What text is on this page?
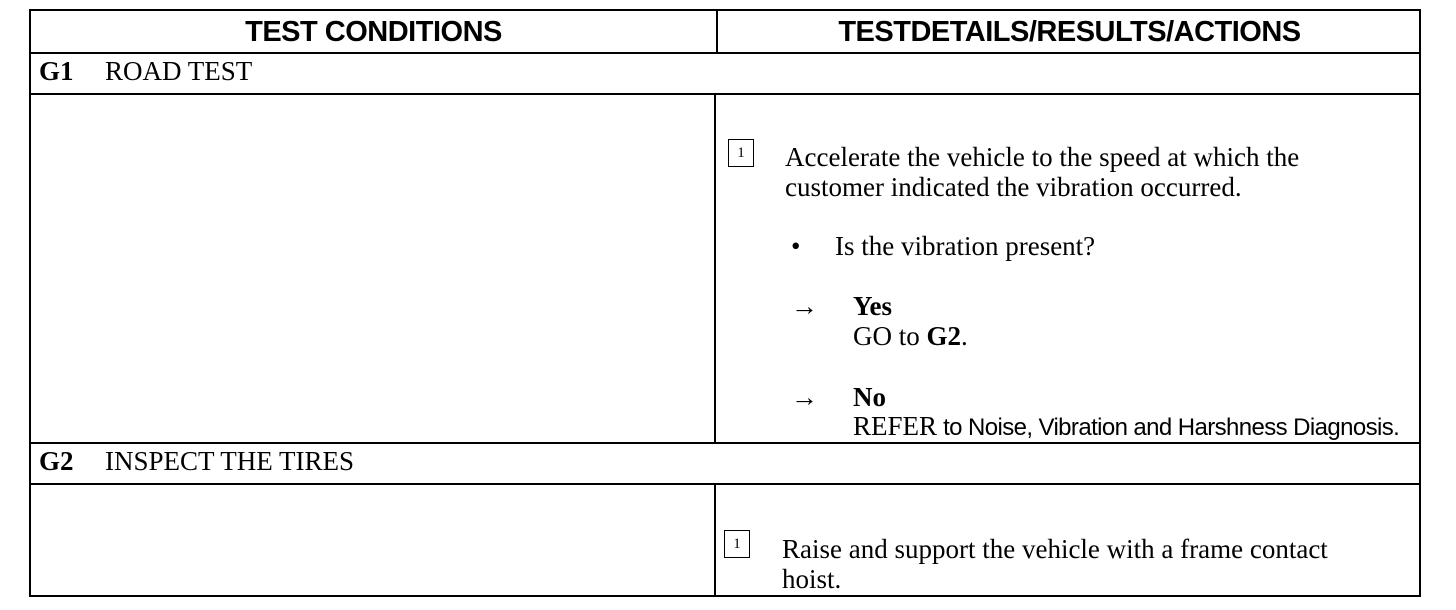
TEST CONDITIONS	TESTDETAILS/RESULTS/ACTIONS
G1 ROAD TEST
1	Accelerate the vehicle to the speed at which the
customer indicated the vibration occurred.
• Is the vibration present?
→ Yes
GO to G2.
→ No
REFER to Noise, Vibration and Harshness Diagnosis.
G2 INSPECT THE TIRES
1	Raise and support the vehicle with a frame contact
hoist.
